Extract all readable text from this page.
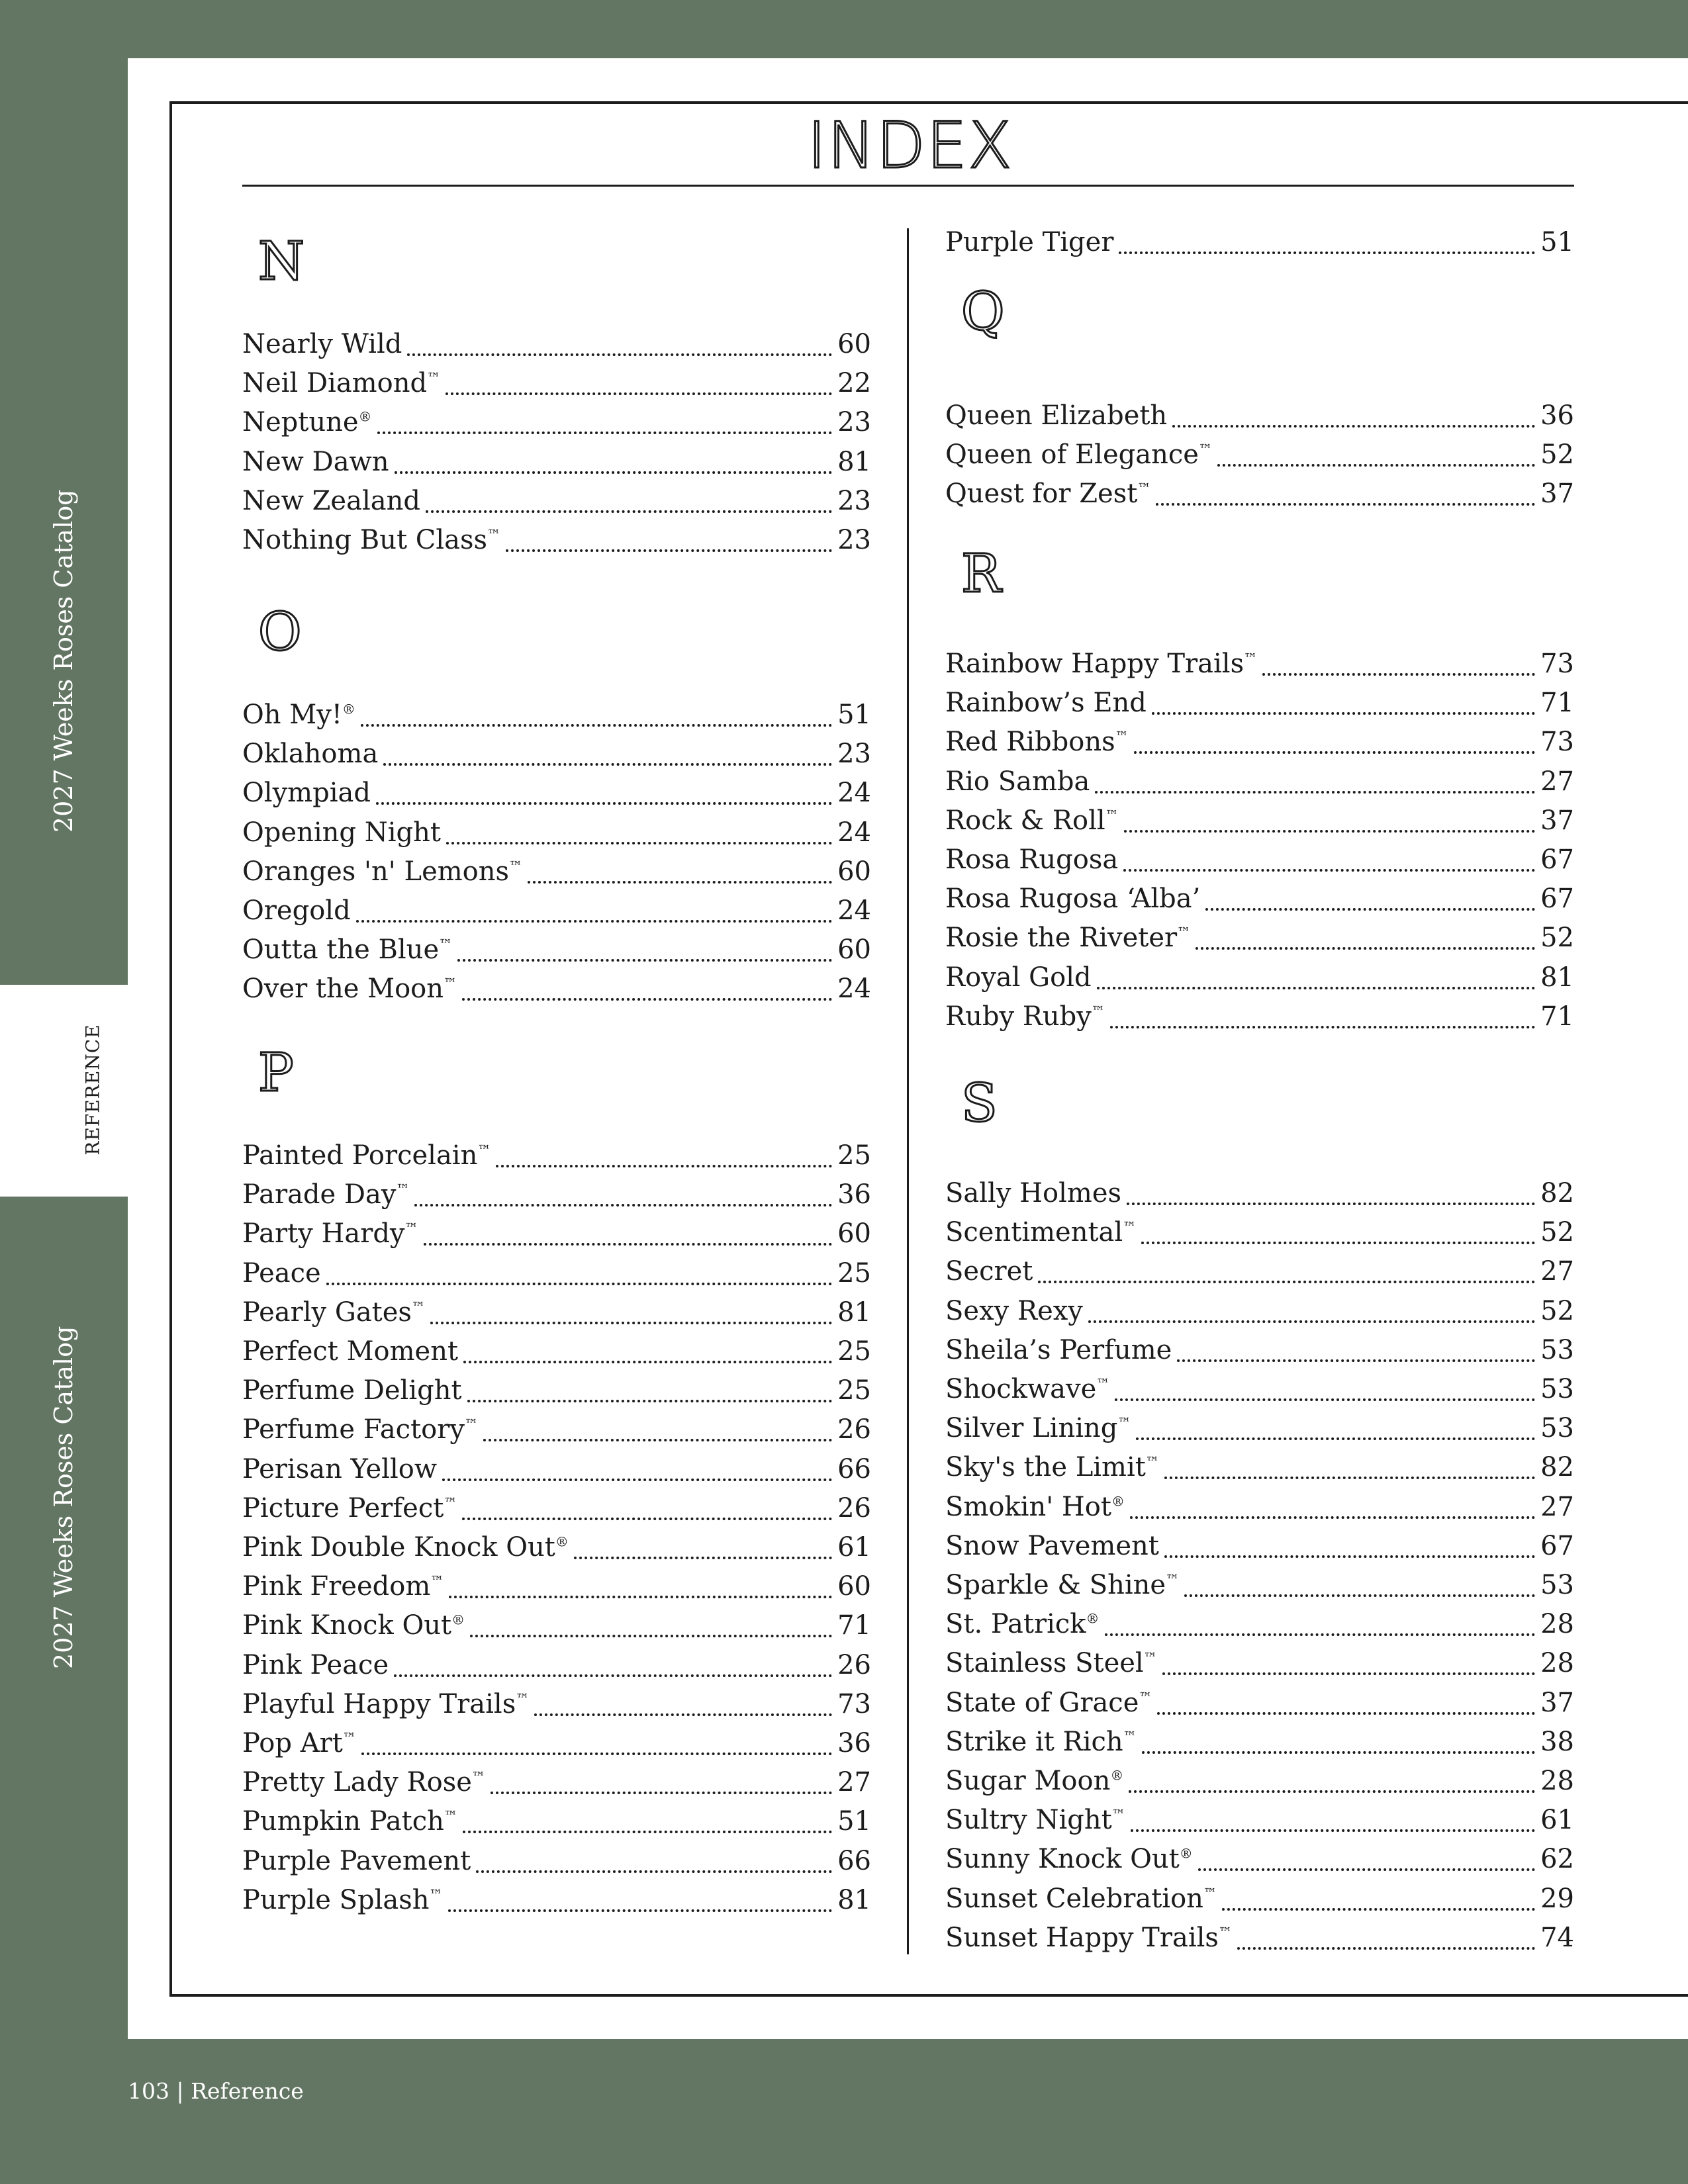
2027 Weeks Roses Catalog
REFERENCE
2027 Weeks Roses Catalog
INDEX
N
Nearly Wild	60
Neil Diamond™	22
Neptune®	23
New Dawn	81
New Zealand	23
Nothing But Class™	23
O
Oh My!®	51
Oklahoma	23
Olympiad	24
Opening Night	24
Oranges 'n' Lemons™	60
Oregold	24
Outta the Blue™	60
Over the Moon™	24
P
Painted Porcelain™	25
Parade Day™	36
Party Hardy™	60
Peace	25
Pearly Gates™	81
Perfect Moment	25
Perfume Delight	25
Perfume Factory™	26
Perisan Yellow	66
Picture Perfect™	26
Pink Double Knock Out®	61
Pink Freedom™	60
Pink Knock Out®	71
Pink Peace	26
Playful Happy Trails™	73
Pop Art™	36
Pretty Lady Rose™	27
Pumpkin Patch™	51
Purple Pavement	66
Purple Splash™	81
Purple Tiger	51
Q
Queen Elizabeth	36
Queen of Elegance™	52
Quest for Zest™	37
R
Rainbow Happy Trails™	73
Rainbow’s End	71
Red Ribbons™	73
Rio Samba	27
Rock & Roll™	37
Rosa Rugosa	67
Rosa Rugosa ‘Alba’	67
Rosie the Riveter™	52
Royal Gold	81
Ruby Ruby™	71
S
Sally Holmes	82
Scentimental™	52
Secret	27
Sexy Rexy	52
Sheila’s Perfume	53
Shockwave™	53
Silver Lining™	53
Sky's the Limit™	82
Smokin' Hot®	27
Snow Pavement	67
Sparkle & Shine™	53
St. Patrick®	28
Stainless Steel™	28
State of Grace™	37
Strike it Rich™	38
Sugar Moon®	28
Sultry Night™	61
Sunny Knock Out®	62
Sunset Celebration™	29
Sunset Happy Trails™	74
103 | Reference
